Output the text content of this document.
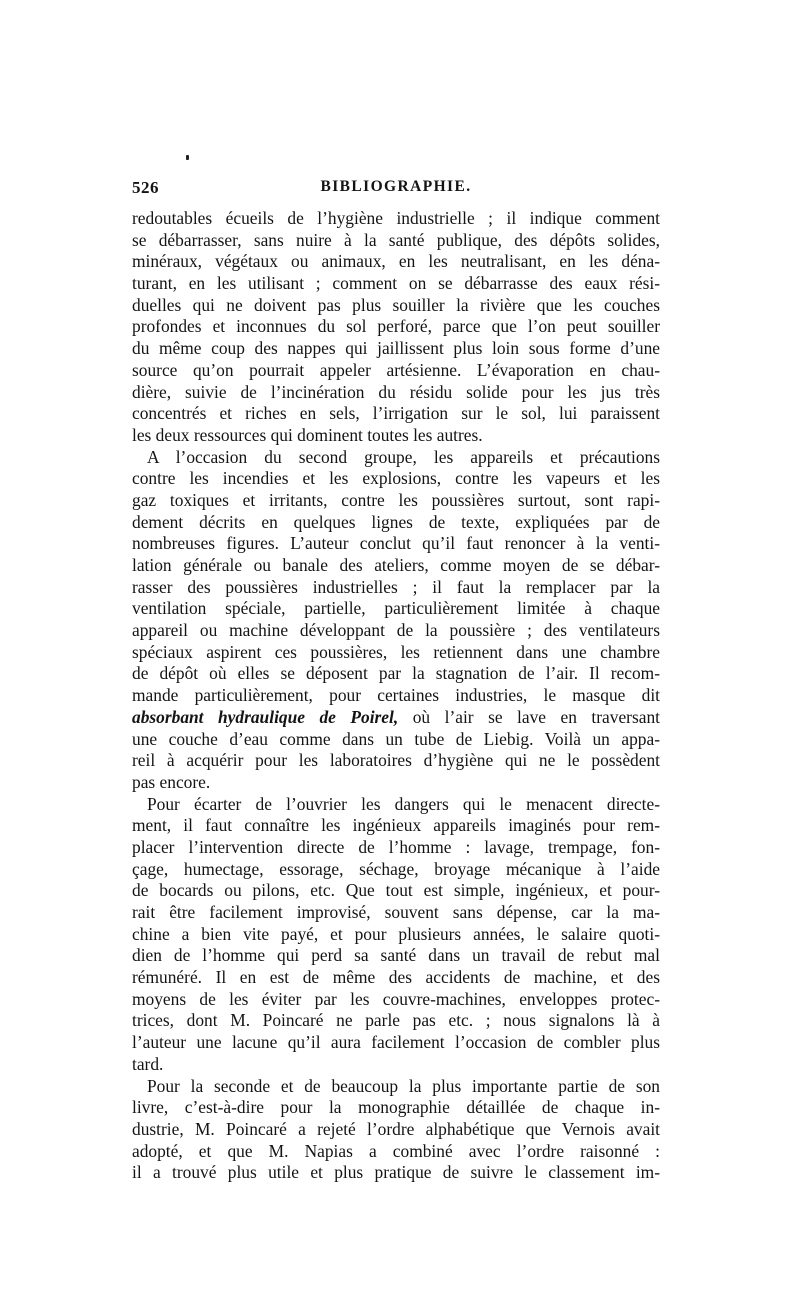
526	BIBLIOGRAPHIE.
redoutables écueils de l’hygiène industrielle ; il indique comment
se débarrasser, sans nuire à la santé publique, des dépôts solides,
minéraux, végétaux ou animaux, en les neutralisant, en les déna-
turant, en les utilisant ; comment on se débarrasse des eaux rési-
duelles qui ne doivent pas plus souiller la rivière que les couches
profondes et inconnues du sol perforé, parce que l’on peut souiller
du même coup des nappes qui jaillissent plus loin sous forme d’une
source qu’on pourrait appeler artésienne. L’évaporation en chau-
dière, suivie de l’incinération du résidu solide pour les jus très
concentrés et riches en sels, l’irrigation sur le sol, lui paraissent
les deux ressources qui dominent toutes les autres.
A l’occasion du second groupe, les appareils et précautions
contre les incendies et les explosions, contre les vapeurs et les
gaz toxiques et irritants, contre les poussières surtout, sont rapi-
dement décrits en quelques lignes de texte, expliquées par de
nombreuses figures. L’auteur conclut qu’il faut renoncer à la venti-
lation générale ou banale des ateliers, comme moyen de se débar-
rasser des poussières industrielles ; il faut la remplacer par la
ventilation spéciale, partielle, particulièrement limitée à chaque
appareil ou machine développant de la poussière ; des ventilateurs
spéciaux aspirent ces poussières, les retiennent dans une chambre
de dépôt où elles se déposent par la stagnation de l’air. Il recom-
mande particulièrement, pour certaines industries, le masque dit
absorbant hydraulique de Poirel, où l’air se lave en traversant
une couche d’eau comme dans un tube de Liebig. Voilà un appa-
reil à acquérir pour les laboratoires d’hygiène qui ne le possèdent
pas encore.
Pour écarter de l’ouvrier les dangers qui le menacent directe-
ment, il faut connaître les ingénieux appareils imaginés pour rem-
placer l’intervention directe de l’homme : lavage, trempage, fon-
çage, humectage, essorage, séchage, broyage mécanique à l’aide
de bocards ou pilons, etc. Que tout est simple, ingénieux, et pour-
rait être facilement improvisé, souvent sans dépense, car la ma-
chine a bien vite payé, et pour plusieurs années, le salaire quoti-
dien de l’homme qui perd sa santé dans un travail de rebut mal
rémunéré. Il en est de même des accidents de machine, et des
moyens de les éviter par les couvre-machines, enveloppes protec-
trices, dont M. Poincaré ne parle pas etc. ; nous signalons là à
l’auteur une lacune qu’il aura facilement l’occasion de combler plus
tard.
Pour la seconde et de beaucoup la plus importante partie de son
livre, c’est-à-dire pour la monographie détaillée de chaque in-
dustrie, M. Poincaré a rejeté l’ordre alphabétique que Vernois avait
adopté, et que M. Napias a combiné avec l’ordre raisonné :
il a trouvé plus utile et plus pratique de suivre le classement im-
